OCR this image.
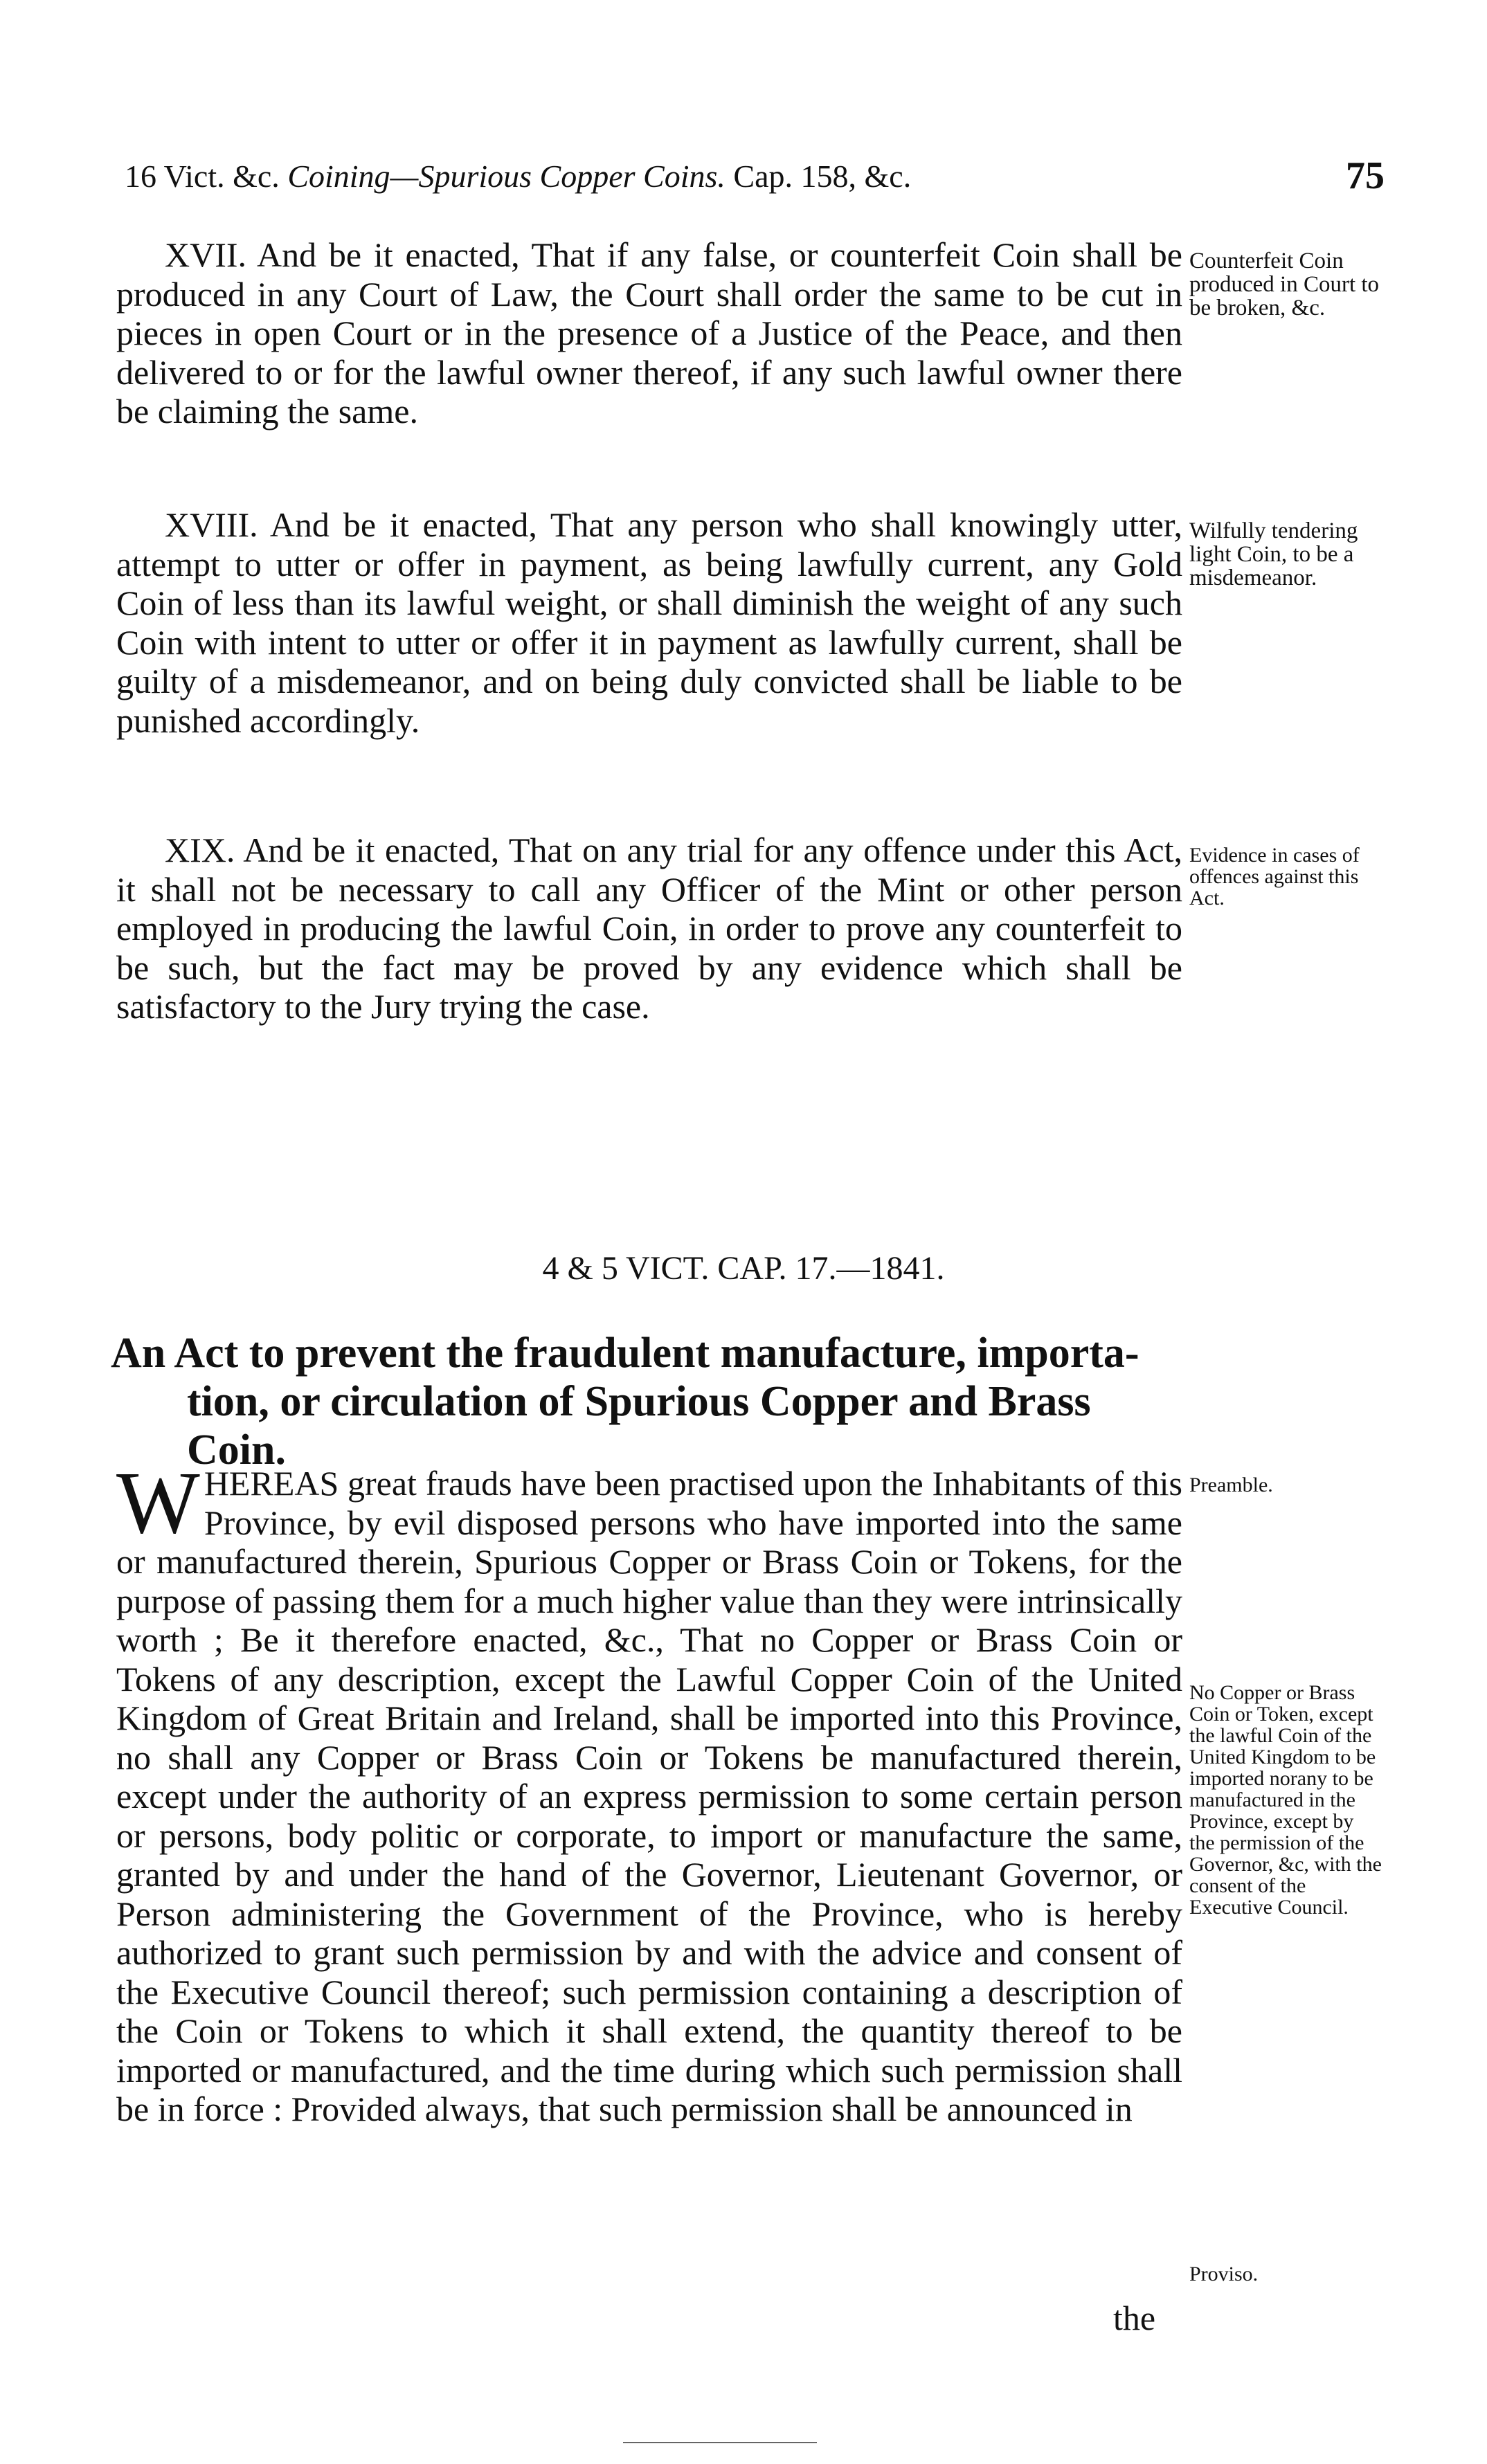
16 Vict. &c. Coining—Spurious Copper Coins. Cap. 158, &c.	75

XVII. And be it enacted, That if any false, or counterfeit Coin shall be produced in any Court of Law, the Court shall order the same to be cut in pieces in open Court or in the presence of a Justice of the Peace, and then delivered to or for the lawful owner thereof, if any such lawful owner there be claiming the same.

Counterfeit Coin produced in Court to be broken, &c.

XVIII. And be it enacted, That any person who shall knowingly utter, attempt to utter or offer in payment, as being lawfully current, any Gold Coin of less than its lawful weight, or shall diminish the weight of any such Coin with intent to utter or offer it in payment as lawfully current, shall be guilty of a misdemeanor, and on being duly convicted shall be liable to be punished accordingly.

Wilfully tendering light Coin, to be a misdemeanor.

XIX. And be it enacted, That on any trial for any offence under this Act, it shall not be necessary to call any Officer of the Mint or other person employed in producing the lawful Coin, in order to prove any counterfeit to be such, but the fact may be proved by any evidence which shall be satisfactory to the Jury trying the case.

Evidence in cases of offences against this Act.
4 & 5 VICT. CAP. 17.—1841.
An Act to prevent the fraudulent manufacture, importa-
tion, or circulation of Spurious Copper and Brass Coin.

WHEREAS great frauds have been practised upon the Inhabitants of this Province, by evil disposed persons who have imported into the same or manufactured therein, Spurious Copper or Brass Coin or Tokens, for the purpose of passing them for a much higher value than they were intrinsically worth ; Be it therefore enacted, &c., That no Copper or Brass Coin or Tokens of any description, except the Lawful Copper Coin of the United Kingdom of Great Britain and Ireland, shall be imported into this Province, no shall any Copper or Brass Coin or Tokens be manufactured therein, except under the authority of an express permission to some certain person or persons, body politic or corporate, to import or manufacture the same, granted by and under the hand of the Governor, Lieutenant Governor, or Person administering the Government of the Province, who is hereby authorized to grant such permission by and with the advice and consent of the Executive Council thereof; such permission containing a description of the Coin or Tokens to which it shall extend, the quantity thereof to be imported or manufactured, and the time during which such permission shall be in force : Provided always, that such permission shall be announced in

Preamble.
No Copper or Brass Coin or Token, except the lawful Coin of the United Kingdom to be imported norany to be manufactured in the Province, except by the permission of the Governor, &c, with the consent of the Executive Council.
Proviso.
the
